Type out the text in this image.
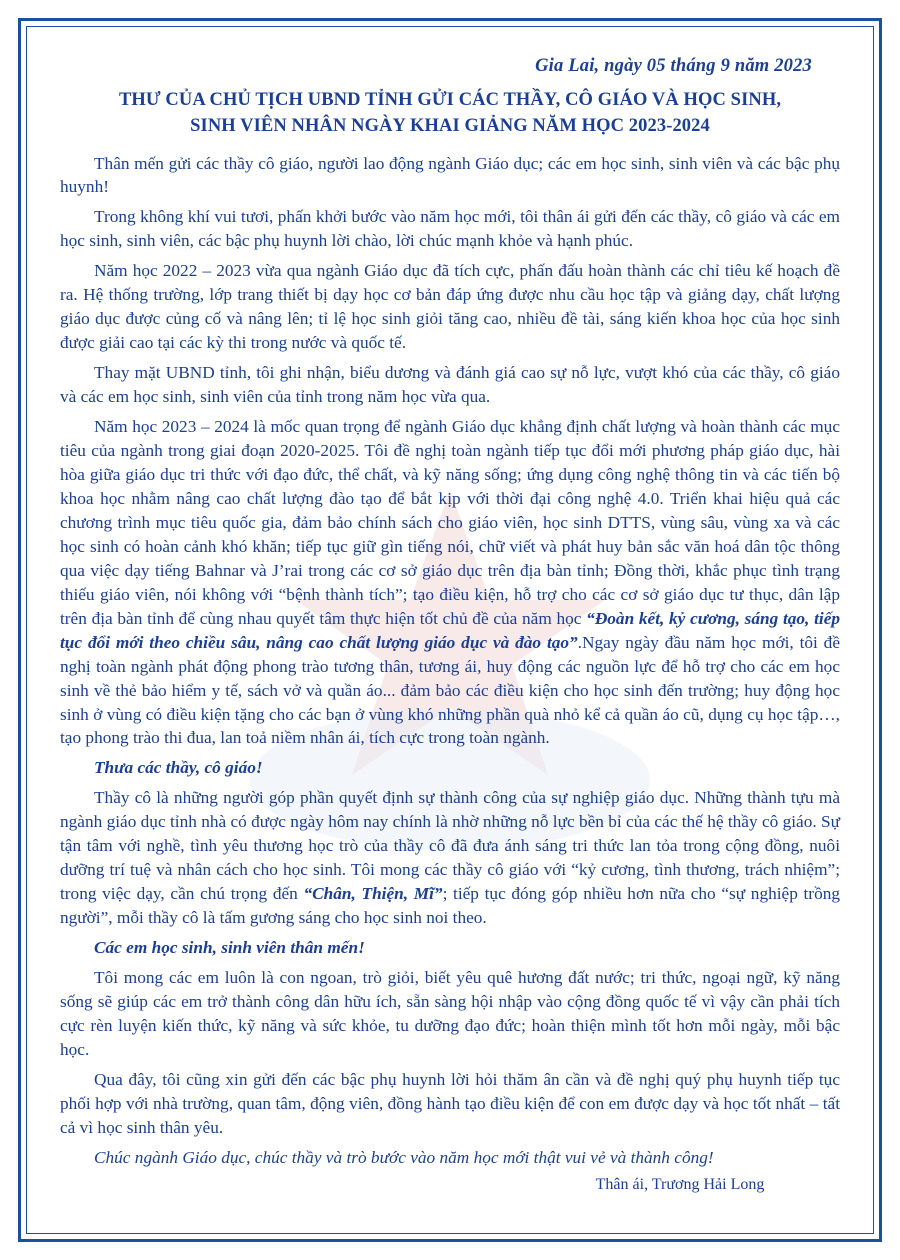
Gia Lai, ngày 05 tháng 9 năm 2023
THƯ CỦA CHỦ TỊCH UBND TỈNH GỬI CÁC THẦY, CÔ GIÁO VÀ HỌC SINH,
SINH VIÊN NHÂN NGÀY KHAI GIẢNG NĂM HỌC 2023-2024

Thân mến gửi các thầy cô giáo, người lao động ngành Giáo dục; các em học sinh, sinh viên và các bậc phụ huynh!

Trong không khí vui tươi, phấn khởi bước vào năm học mới, tôi thân ái gửi đến các thầy, cô giáo và các em học sinh, sinh viên, các bậc phụ huynh lời chào, lời chúc mạnh khỏe và hạnh phúc.

Năm học 2022 – 2023 vừa qua ngành Giáo dục đã tích cực, phấn đấu hoàn thành các chỉ tiêu kế hoạch đề ra. Hệ thống trường, lớp trang thiết bị dạy học cơ bản đáp ứng được nhu cầu học tập và giảng dạy, chất lượng giáo dục được củng cố và nâng lên; tỉ lệ học sinh giỏi tăng cao, nhiều đề tài, sáng kiến khoa học của học sinh được giải cao tại các kỳ thi trong nước và quốc tế.

Thay mặt UBND tỉnh, tôi ghi nhận, biểu dương và đánh giá cao sự nỗ lực, vượt khó của các thầy, cô giáo và các em học sinh, sinh viên của tỉnh trong năm học vừa qua.

Năm học 2023 – 2024 là mốc quan trọng để ngành Giáo dục khẳng định chất lượng và hoàn thành các mục tiêu của ngành trong giai đoạn 2020-2025. Tôi đề nghị toàn ngành tiếp tục đổi mới phương pháp giáo dục, hài hòa giữa giáo dục tri thức với đạo đức, thể chất, và kỹ năng sống; ứng dụng công nghệ thông tin và các tiến bộ khoa học nhằm nâng cao chất lượng đào tạo để bắt kịp với thời đại công nghệ 4.0. Triển khai hiệu quả các chương trình mục tiêu quốc gia, đảm bảo chính sách cho giáo viên, học sinh DTTS, vùng sâu, vùng xa và các học sinh có hoàn cảnh khó khăn; tiếp tục giữ gìn tiếng nói, chữ viết và phát huy bản sắc văn hoá dân tộc thông qua việc dạy tiếng Bahnar và J’rai trong các cơ sở giáo dục trên địa bàn tỉnh; Đồng thời, khắc phục tình trạng thiếu giáo viên, nói không với “bệnh thành tích”; tạo điều kiện, hỗ trợ cho các cơ sở giáo dục tư thục, dân lập trên địa bàn tỉnh để cùng nhau quyết tâm thực hiện tốt chủ đề của năm học “Đoàn kết, kỷ cương, sáng tạo, tiếp tục đổi mới theo chiều sâu, nâng cao chất lượng giáo dục và đào tạo”.Ngay ngày đầu năm học mới, tôi đề nghị toàn ngành phát động phong trào tương thân, tương ái, huy động các nguồn lực để hỗ trợ cho các em học sinh về thẻ bảo hiểm y tế, sách vở và quần áo... đảm bảo các điều kiện cho học sinh đến trường; huy động học sinh ở vùng có điều kiện tặng cho các bạn ở vùng khó những phần quà nhỏ kể cả quần áo cũ, dụng cụ học tập…, tạo phong trào thi đua, lan toả niềm nhân ái, tích cực trong toàn ngành.

Thưa các thầy, cô giáo!

Thầy cô là những người góp phần quyết định sự thành công của sự nghiệp giáo dục. Những thành tựu mà ngành giáo dục tỉnh nhà có được ngày hôm nay chính là nhờ những nỗ lực bền bỉ của các thế hệ thầy cô giáo. Sự tận tâm với nghề, tình yêu thương học trò của thầy cô đã đưa ánh sáng tri thức lan tỏa trong cộng đồng, nuôi dưỡng trí tuệ và nhân cách cho học sinh. Tôi mong các thầy cô giáo với “kỷ cương, tình thương, trách nhiệm”; trong việc dạy, cần chú trọng đến “Chân, Thiện, Mĩ”; tiếp tục đóng góp nhiều hơn nữa cho “sự nghiệp trồng người”, mỗi thầy cô là tấm gương sáng cho học sinh noi theo.

Các em học sinh, sinh viên thân mến!

Tôi mong các em luôn là con ngoan, trò giỏi, biết yêu quê hương đất nước; tri thức, ngoại ngữ, kỹ năng sống sẽ giúp các em trở thành công dân hữu ích, sẵn sàng hội nhập vào cộng đồng quốc tế vì vậy cần phải tích cực rèn luyện kiến thức, kỹ năng và sức khỏe, tu dưỡng đạo đức; hoàn thiện mình tốt hơn mỗi ngày, mỗi bậc học.

Qua đây, tôi cũng xin gửi đến các bậc phụ huynh lời hỏi thăm ân cần và đề nghị quý phụ huynh tiếp tục phối hợp với nhà trường, quan tâm, động viên, đồng hành tạo điều kiện để con em được dạy và học tốt nhất – tất cả vì học sinh thân yêu.

Chúc ngành Giáo dục, chúc thầy và trò bước vào năm học mới thật vui vẻ và thành công!

Thân ái, Trương Hải Long
